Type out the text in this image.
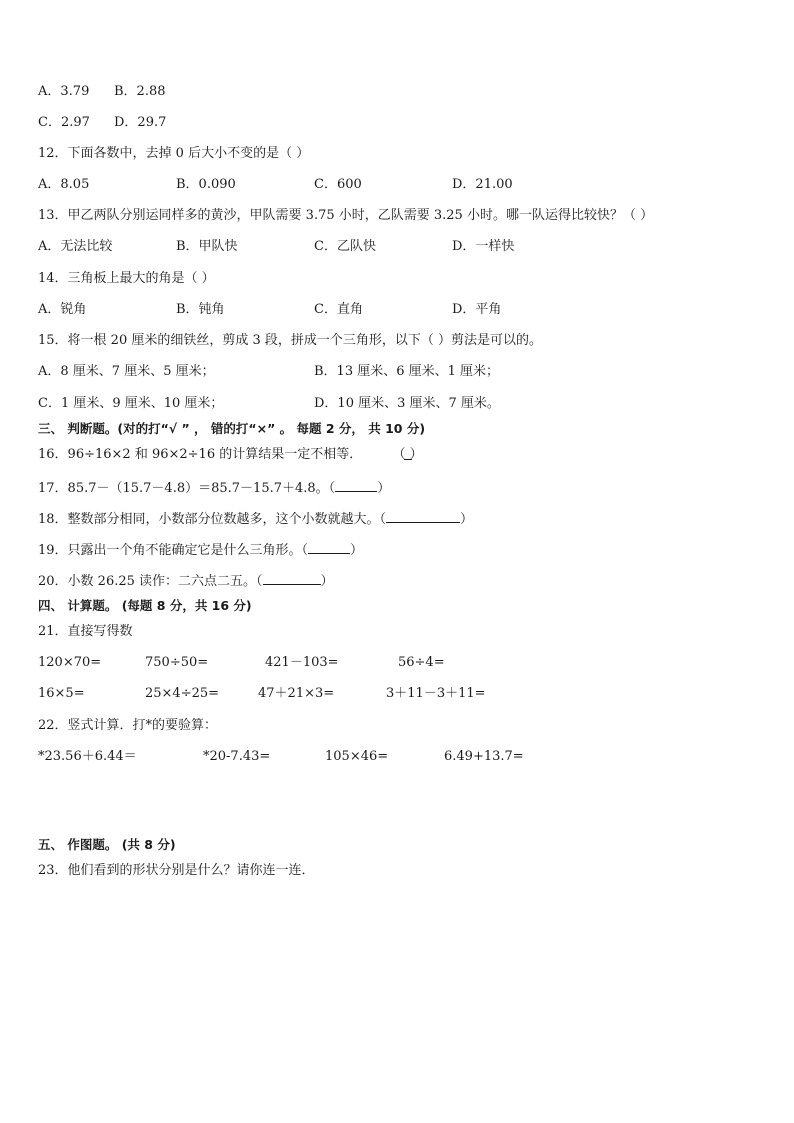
A．3.79 B．2.88
C．2.97 D．29.7
12．下面各数中，去掉 0 后大小不变的是（ ）
A．8.05	B．0.090	C．600	D．21.00
13．甲乙两队分别运同样多的黄沙，甲队需要 3.75 小时，乙队需要 3.25 小时。哪一队运得比较快？（ ）
A．无法比较	B．甲队快	C．乙队快	D．一样快
14．三角板上最大的角是（ ）
A．锐角	B．钝角	C．直角	D．平角
15．将一根 20 厘米的细铁丝，剪成 3 段，拼成一个三角形，以下（ ）剪法是可以的。
A．8 厘米、7 厘米、5 厘米；	B．13 厘米、6 厘米、1 厘米；
C．1 厘米、9 厘米、10 厘米；	D．10 厘米、3 厘米、7 厘米。
三、 判断题。(对的打“√ ” ， 错的打“×” 。 每题 2 分， 共 10 分)
16．96÷16×2 和 96×2÷16 的计算结果一定不相等． （ ）
17．85.7－（15.7－4.8）＝85.7－15.7＋4.8。（	）
18．整数部分相同，小数部分位数越多，这个小数就越大。（	）
19．只露出一个角不能确定它是什么三角形。（	）
20．小数 26.25 读作：二六点二五。（	）
四、 计算题。 (每题 8 分，共 16 分)
21．直接写得数
120×70=	750÷50=	421－103=	56÷4=
16×5=	25×4÷25=	47＋21×3=	3＋11－3＋11=
22．竖式计算．打*的要验算：
*23.56＋6.44＝	*20-7.43=	105×46=	6.49+13.7=
五、 作图题。 (共 8 分)
23．他们看到的形状分别是什么？请你连一连．
